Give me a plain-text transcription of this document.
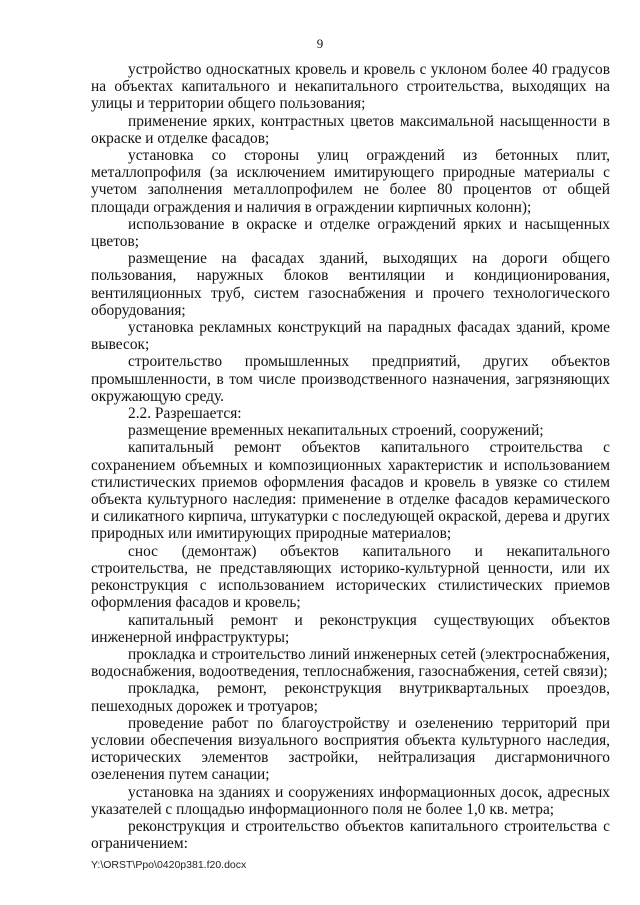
9

устройство односкатных кровель и кровель с уклоном более 40 градусов на объектах капитального и некапитального строительства, выходящих на улицы и территории общего пользования;

применение ярких, контрастных цветов максимальной насыщенности в окраске и отделке фасадов;

установка со стороны улиц ограждений из бетонных плит, металлопрофиля (за исключением имитирующего природные материалы с учетом заполнения металлопрофилем не более 80 процентов от общей площади ограждения и наличия в ограждении кирпичных колонн);

использование в окраске и отделке ограждений ярких и насыщенных цветов;

размещение на фасадах зданий, выходящих на дороги общего пользования, наружных блоков вентиляции и кондиционирования, вентиляционных труб, систем газоснабжения и прочего технологического оборудования;

установка рекламных конструкций на парадных фасадах зданий, кроме вывесок;

строительство промышленных предприятий, других объектов промышленности, в том числе производственного назначения, загрязняющих окружающую среду.

2.2. Разрешается:

размещение временных некапитальных строений, сооружений;

капитальный ремонт объектов капитального строительства с сохранением объемных и композиционных характеристик и использованием стилистических приемов оформления фасадов и кровель в увязке со стилем объекта культурного наследия: применение в отделке фасадов керамического и силикатного кирпича, штукатурки с последующей окраской, дерева и других природных или имитирующих природные материалов;

снос (демонтаж) объектов капитального и некапитального строительства, не представляющих историко-культурной ценности, или их реконструкция с использованием исторических стилистических приемов оформления фасадов и кровель;

капитальный ремонт и реконструкция существующих объектов инженерной инфраструктуры;

прокладка и строительство линий инженерных сетей (электроснабжения, водоснабжения, водоотведения, теплоснабжения, газоснабжения, сетей связи);

прокладка, ремонт, реконструкция внутриквартальных проездов, пешеходных дорожек и тротуаров;

проведение работ по благоустройству и озеленению территорий при условии обеспечения визуального восприятия объекта культурного наследия, исторических элементов застройки, нейтрализация дисгармоничного озеленения путем санации;

установка на зданиях и сооружениях информационных досок, адресных указателей с площадью информационного поля не более 1,0 кв. метра;

реконструкция и строительство объектов капитального строительства с ограничением:

Y:\ORST\Ppo\0420p381.f20.docx
